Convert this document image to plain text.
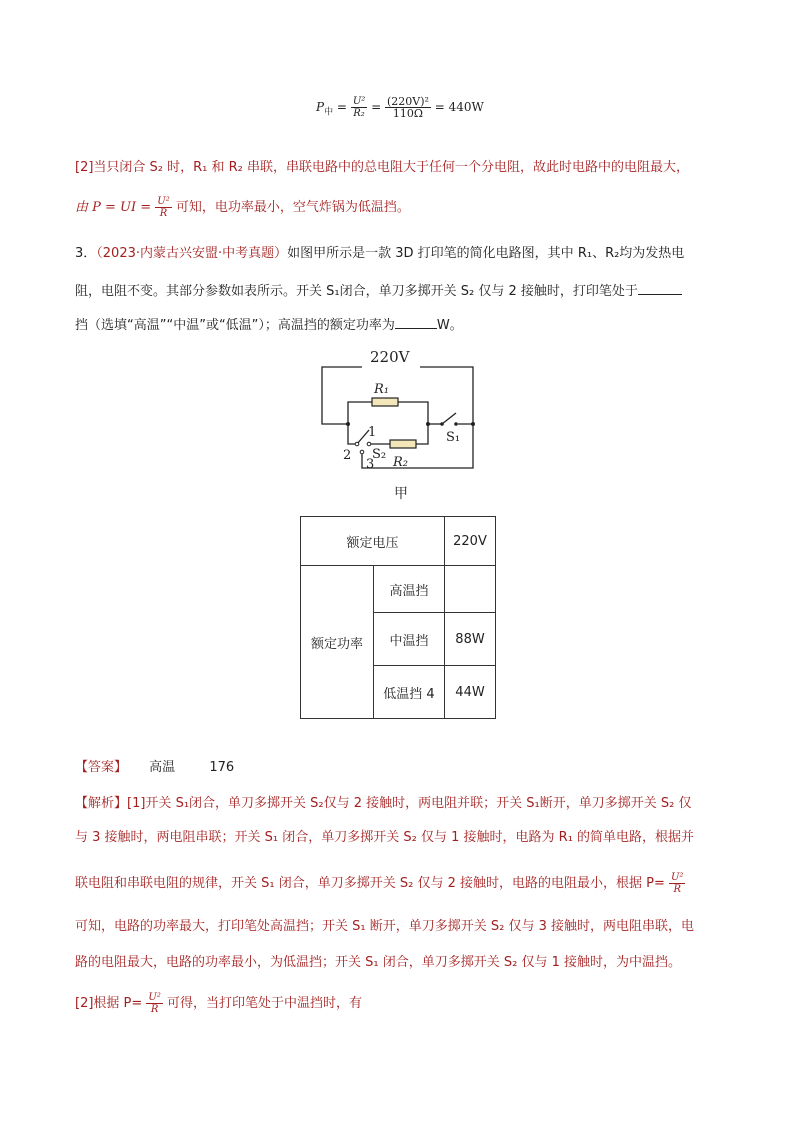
$P_中 = \frac{\text{U²}}{\text{R₂}} = \frac{\text{(220V)²}}{110\Omega} = 440W$
[2]当只闭合 S₂ 时，R₁ 和 R₂ 串联，串联电路中的总电阻大于任何一个分电阻，故此时电路中的电阻最大，
由 P = UI = $\frac{\text{U²}}{R}$ 可知，电功率最小，空气炸锅为低温挡。
3．（2023·内蒙古兴安盟·中考真题）如图甲所示是一款 3D 打印笔的简化电路图，其中 R₁、R₂均为发热电
阻，电阻不变。其部分参数如表所示。开关 S₁闭合，单刀多掷开关 S₂ 仅与 2 接触时，打印笔处于
挡（选填“高温”“中温”或“低温”）；高温挡的额定功率为	W。
220V
R₁
S₁
1
2
3
S₂
R₂
甲
额定电压		220V
额定功率	高温挡	
	中温挡	88W
	低温挡 4	44W
【答案】 高温	176
【解析】[1]开关 S₁闭合，单刀多掷开关 S₂仅与 2 接触时，两电阻并联；开关 S₁断开，单刀多掷开关 S₂ 仅
与 3 接触时，两电阻串联；开关 S₁ 闭合，单刀多掷开关 S₂ 仅与 1 接触时，电路为 R₁ 的简单电路，根据并
联电阻和串联电阻的规律，开关 S₁ 闭合，单刀多掷开关 S₂ 仅与 2 接触时，电路的电阻最小，根据 $P= \frac{\text{U²}}{R}$
可知，电路的功率最大，打印笔处高温挡；开关 S₁ 断开，单刀多掷开关 S₂ 仅与 3 接触时，两电阻串联，电
路的电阻最大，电路的功率最小，为低温挡；开关 S₁ 闭合，单刀多掷开关 S₂ 仅与 1 接触时，为中温挡。
[2]根据 $P= \frac{\text{U²}}{R}$ 可得，当打印笔处于中温挡时，有
